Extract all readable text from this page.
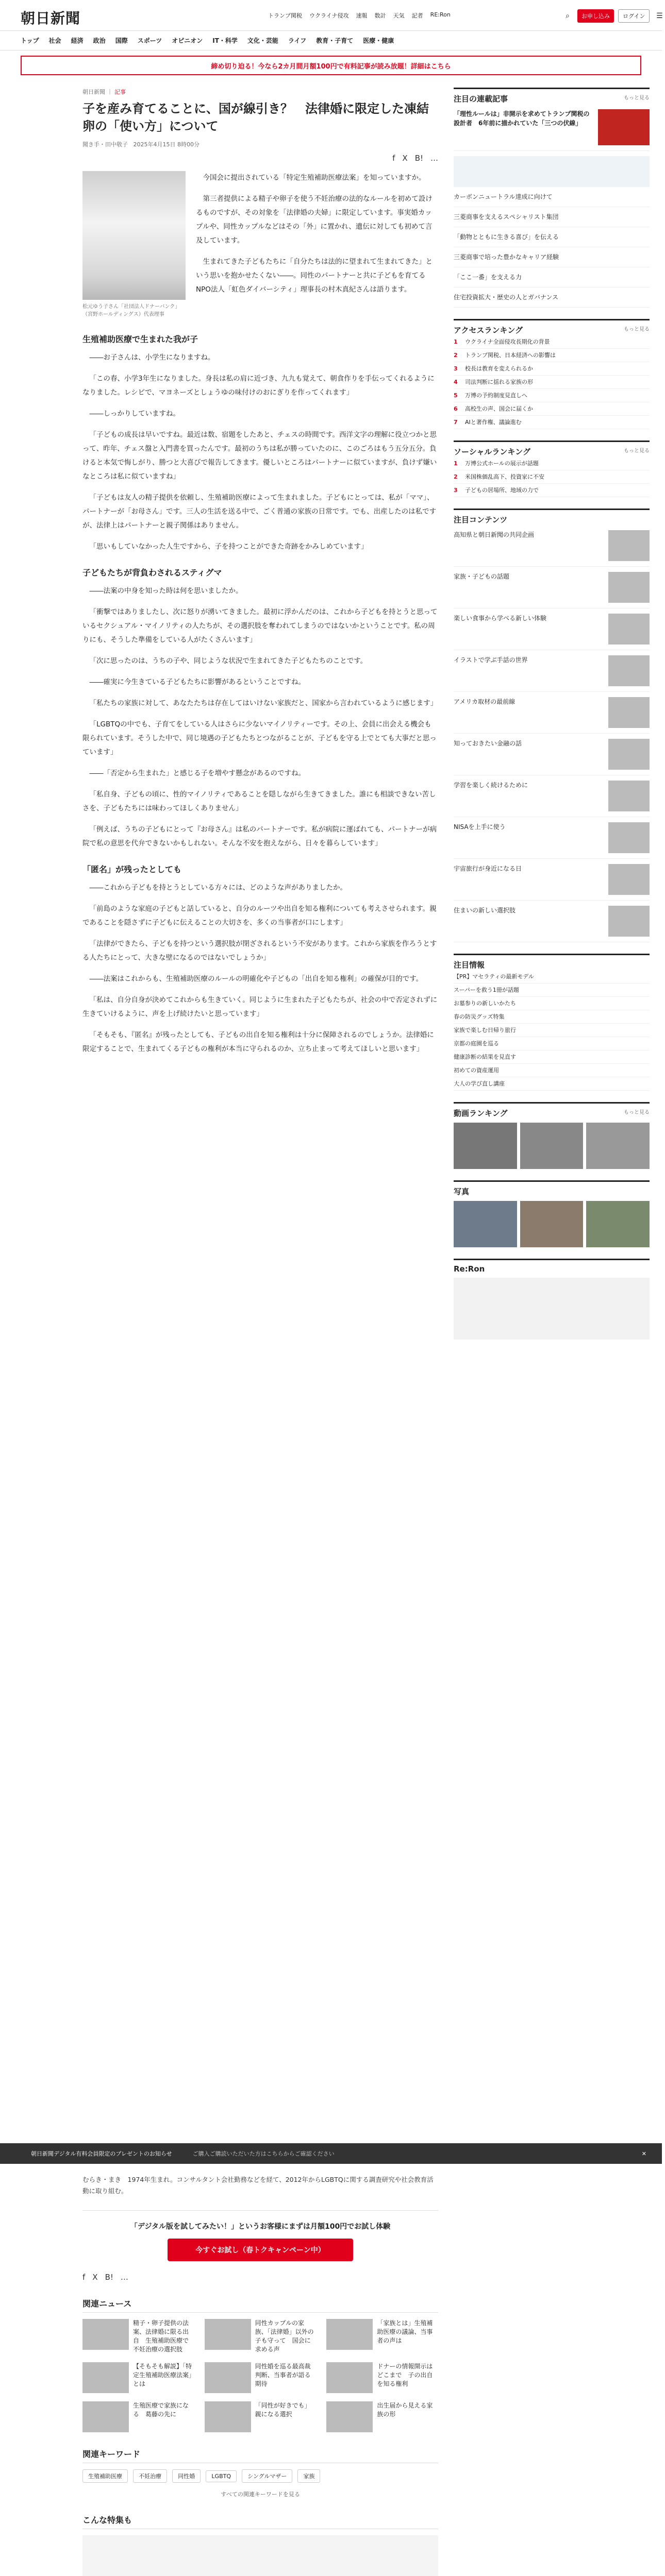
朝日新聞	トランプ関税 ウクライナ侵攻 速報 数計 天気 記者 RE:Ron	⌕	お申し込み	ログイン	☰
トップ	社会	経済	政治	国際	スポーツ	オピニオン	IT・科学	文化・芸能	ライフ	教育・子育て	医療・健康
締め切り迫る！今なら2カ月間月額100円で有料記事が読み放題！詳細はこちら
朝日新聞 ｜ 記事
子を産み育てることに、国が線引き？　法律婚に限定した凍結卵の「使い方」について
聞き手・田中敬子 2025年4月15日 8時00分
f X B! …
松元ゆう子さん「社団法人ドナーバンク」（宮野ホールディングス）代表理事

今国会に提出されている「特定生殖補助医療法案」を知っていますか。

第三者提供による精子や卵子を使う不妊治療の法的なルールを初めて設けるものですが、その対象を「法律婚の夫婦」に限定しています。事実婚カップルや、同性カップルなどはその「外」に置かれ、遺伝に対しても初めて言及しています。

生まれてきた子どもたちに「自分たちは法的に望まれて生まれてきた」という思いを抱かせたくない――。同性のパートナーと共に子どもを育てるNPO法人「虹色ダイバーシティ」理事長の村木真紀さんは語ります。

生殖補助医療で生まれた我が子

――お子さんは、小学生になりますね。

「この春、小学3年生になりました。身長は私の肩に近づき、九九も覚えて、朝食作りを手伝ってくれるようになりました。レシピで、マヨネーズとしょうゆの味付けのおにぎりを作ってくれます」

――しっかりしていますね。

「子どもの成長は早いですね。最近は数、宿題をしたあと、チェスの時間です。西洋文字の理解に役立つかと思って、昨年、チェス盤と入門書を買ったんです。最初のうちは私が勝っていたのに、このごろはもう五分五分。負けると本気で悔しがり、勝つと大喜びで報告してきます。優しいところはパートナーに似ていますが、負けず嫌いなところは私に似ていますね」

「子どもは友人の精子提供を依頼し、生殖補助医療によって生まれました。子どもにとっては、私が「ママ」、パートナーが「お母さん」です。三人の生活を送る中で、ごく普通の家族の日常です。でも、出産したのは私ですが、法律上はパートナーと親子関係はありません。

「思いもしていなかった人生ですから、子を持つことができた奇跡をかみしめています」

子どもたちが背負わされるスティグマ

――法案の中身を知った時は何を思いましたか。

「衝撃ではありましたし、次に怒りが湧いてきました。最初に浮かんだのは、これから子どもを持とうと思っているセクシュアル・マイノリティの人たちが、その選択肢を奪われてしまうのではないかということです。私の周りにも、そうした準備をしている人がたくさんいます」

「次に思ったのは、うちの子や、同じような状況で生まれてきた子どもたちのことです。

――確実に今生きている子どもたちに影響があるということですね。

「私たちの家族に対して、あなたたちは存在してはいけない家族だと、国家から言われているように感じます」

「LGBTQの中でも、子育てをしている人はさらに少ないマイノリティーです。その上、会員に出会える機会も限られています。そうした中で、同じ境遇の子どもたちとつながることが、子どもを守る上でとても大事だと思っています」

――「否定から生まれた」と感じる子を増やす懸念があるのですね。

「私自身、子どもの頃に、性的マイノリティであることを隠しながら生きてきました。誰にも相談できない苦しさを、子どもたちには味わってほしくありません」

「例えば、うちの子どもにとって『お母さん』は私のパートナーです。私が病院に運ばれても、パートナーが病院で私の意思を代弁できないかもしれない。そんな不安を抱えながら、日々を暮らしています」

「匿名」が残ったとしても

――これから子どもを持とうとしている方々には、どのような声がありましたか。

「前島のような家庭の子どもと話していると、自分のルーツや出自を知る権利についても考えさせられます。親であることを隠さずに子どもに伝えることの大切さを、多くの当事者が口にします」

「法律ができたら、子どもを持つという選択肢が閉ざされるという不安があります。これから家族を作ろうとする人たちにとって、大きな壁になるのではないでしょうか」

――法案はこれからも、生殖補助医療のルールの明確化や子どもの「出自を知る権利」の確保が目的です。

「私は、自分自身が決めてこれからも生きていく。同じように生まれた子どもたちが、社会の中で否定されずに生きていけるように、声を上げ続けたいと思っています」

「そもそも、『匿名』が残ったとしても、子どもの出自を知る権利は十分に保障されるのでしょうか。法律婚に限定することで、生まれてくる子どもの権利が本当に守られるのか、立ち止まって考えてほしいと思います」

むらき・まき　1974年生まれ。コンサルタント会社勤務などを経て、2012年からLGBTQに関する調査研究や社会教育活動に取り組む。

「デジタル版を試してみたい！」というお客様にまずは月額100円でお試し体験
今すぐお試し（春トクキャンペーン中）
f X B! …
関連ニュース
精子・卵子提供の法案、法律婚に限る出自　生殖補助医療で不妊治療の選択肢
同性カップルの家族、「法律婚」以外の子も守って　国会に求める声
「家族とは」生殖補助医療の議論、当事者の声は
【そもそも解説】「特定生殖補助医療法案」とは
同性婚を巡る最高裁判断、当事者が語る期待
ドナーの情報開示はどこまで　子の出自を知る権利
生殖医療で家族になる　葛藤の先に
「同性が好きでも」親になる選択
出生届から見える家族の形
関連キーワード
生殖補助医療	不妊治療	同性婚	LGBTQ	シングルマザー	家族
すべての関連キーワードを見る
こんな特集も
注目の連載記事	もっと見る
「理性ルールは」非開示を求めてトランプ関税の設計者　6年前に描かれていた「三つの伏線」
カーボンニュートラル達成に向けて
三菱商事を支えるスペシャリスト集団
「動物とともに生きる喜び」を伝える
三菱商事で培った豊かなキャリア経験
「ここ一番」を支える力
住宅投資拡大・歴史の人とガバナンス
アクセスランキング	もっと見る
1	ウクライナ全面侵攻長期化の背景
2	トランプ関税、日本経済への影響は
3	校長は教育を変えられるか
4	司法判断に揺れる家族の形
5	万博の予約制度見直しへ
6	高校生の声、国会に届くか
7	AIと著作権、議論進む
ソーシャルランキング	もっと見る
1	万博公式ホールの展示が話題
2	米国株価乱高下、投資家に不安
3	子どもの居場所、地域の力で
注目コンテンツ
高知県と朝日新聞の共同企画
家族・子どもの話題
楽しい食事から学べる新しい体験
イラストで学ぶ手話の世界
アメリカ取材の最前線
知っておきたい金融の話
学習を楽しく続けるために
NISAを上手に使う
宇宙旅行が身近になる日
住まいの新しい選択肢
注目情報
【PR】マセラティの最新モデル
スーパーを救う1冊が話題
お墓参りの新しいかたち
春の防災グッズ特集
家族で楽しむ日帰り旅行
京都の庭園を巡る
健康診断の結果を見直す
初めての資産運用
大人の学び直し講座
動画ランキング	もっと見る
写真
Re:Ron
朝日新聞デジタル有料会員限定のプレゼントのお知らせ	ご購入ご購読いただいた方はこちらからご確認ください	✕
